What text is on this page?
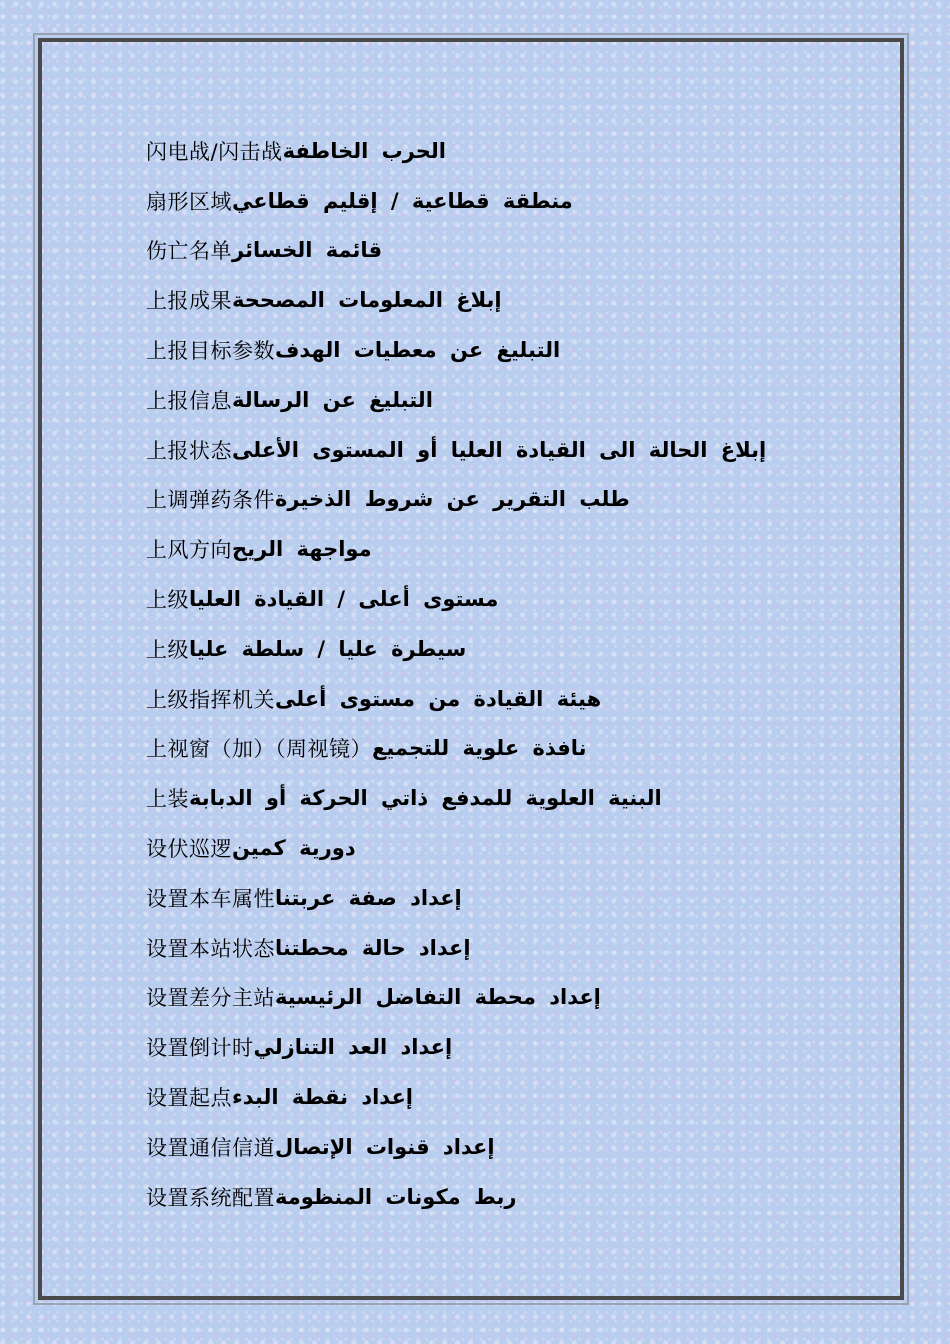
闪电战/闪击战 الحرب الخاطفة
扇形区域 منطقة قطاعية / إقليم قطاعي
伤亡名单 قائمة الخسائر
上报成果 إبلاغ المعلومات المصححة
上报目标参数 التبليغ عن معطيات الهدف
上报信息 التبليغ عن الرسالة
上报状态 إبلاغ الحالة الى القيادة العليا أو المستوى الأعلى
上调弹药条件 طلب التقرير عن شروط الذخيرة
上风方向 مواجهة الريح
上级 مستوى أعلى / القيادة العليا
上级 سيطرة عليا / سلطة عليا
上级指挥机关 هيئة القيادة من مستوى أعلى
上视窗（加）（周视镜） نافذة علوية للتجميع
上装 البنية العلوية للمدفع ذاتي الحركة أو الدبابة
设伏巡逻 دورية كمين
设置本车属性 إعداد صفة عربتنا
设置本站状态 إعداد حالة محطتنا
设置差分主站 إعداد محطة التفاضل الرئيسية
设置倒计时 إعداد العد التنازلي
设置起点 إعداد نقطة البدء
设置通信信道 إعداد قنوات الإتصال
设置系统配置 ربط مكونات المنظومة
